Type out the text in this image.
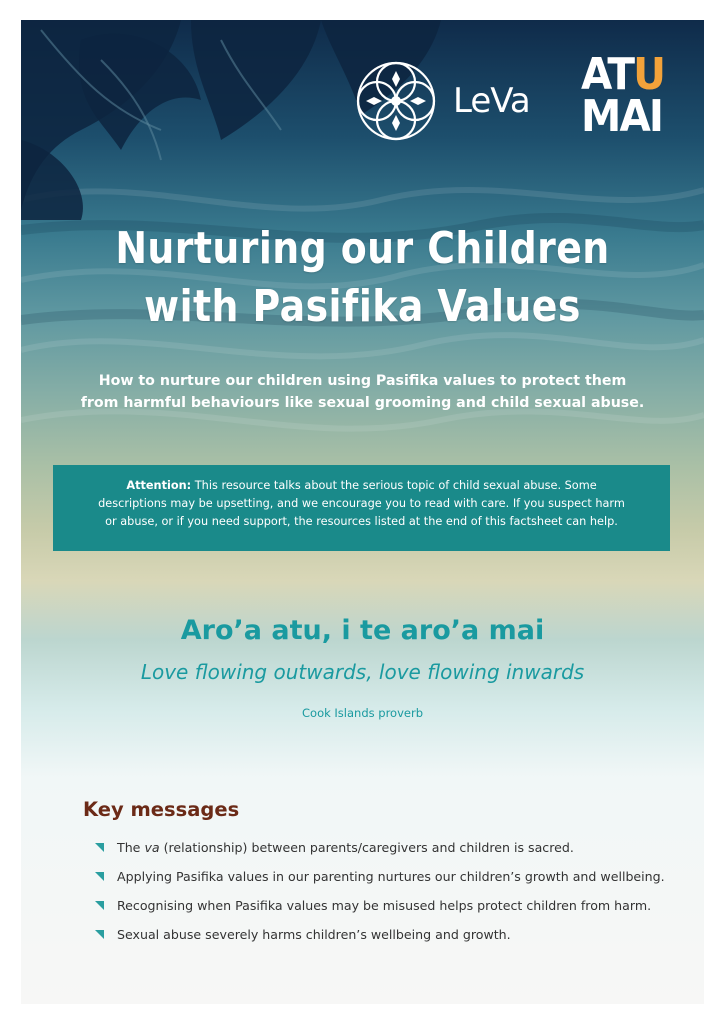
LeVa
ATU
MAI
Nurturing our Children
with Pasifika Values

How to nurture our children using Pasifika values to protect them
from harmful behaviours like sexual grooming and child sexual abuse.

Attention: This resource talks about the serious topic of child sexual abuse. Some
descriptions may be upsetting, and we encourage you to read with care. If you suspect harm
or abuse, or if you need support, the resources listed at the end of this factsheet can help.

Aro’a atu, i te aro’a mai

Love flowing outwards, love flowing inwards

Cook Islands proverb

Key messages
The va (relationship) between parents/caregivers and children is sacred.
Applying Pasifika values in our parenting nurtures our children’s growth and wellbeing.
Recognising when Pasifika values may be misused helps protect children from harm.
Sexual abuse severely harms children’s wellbeing and growth.
